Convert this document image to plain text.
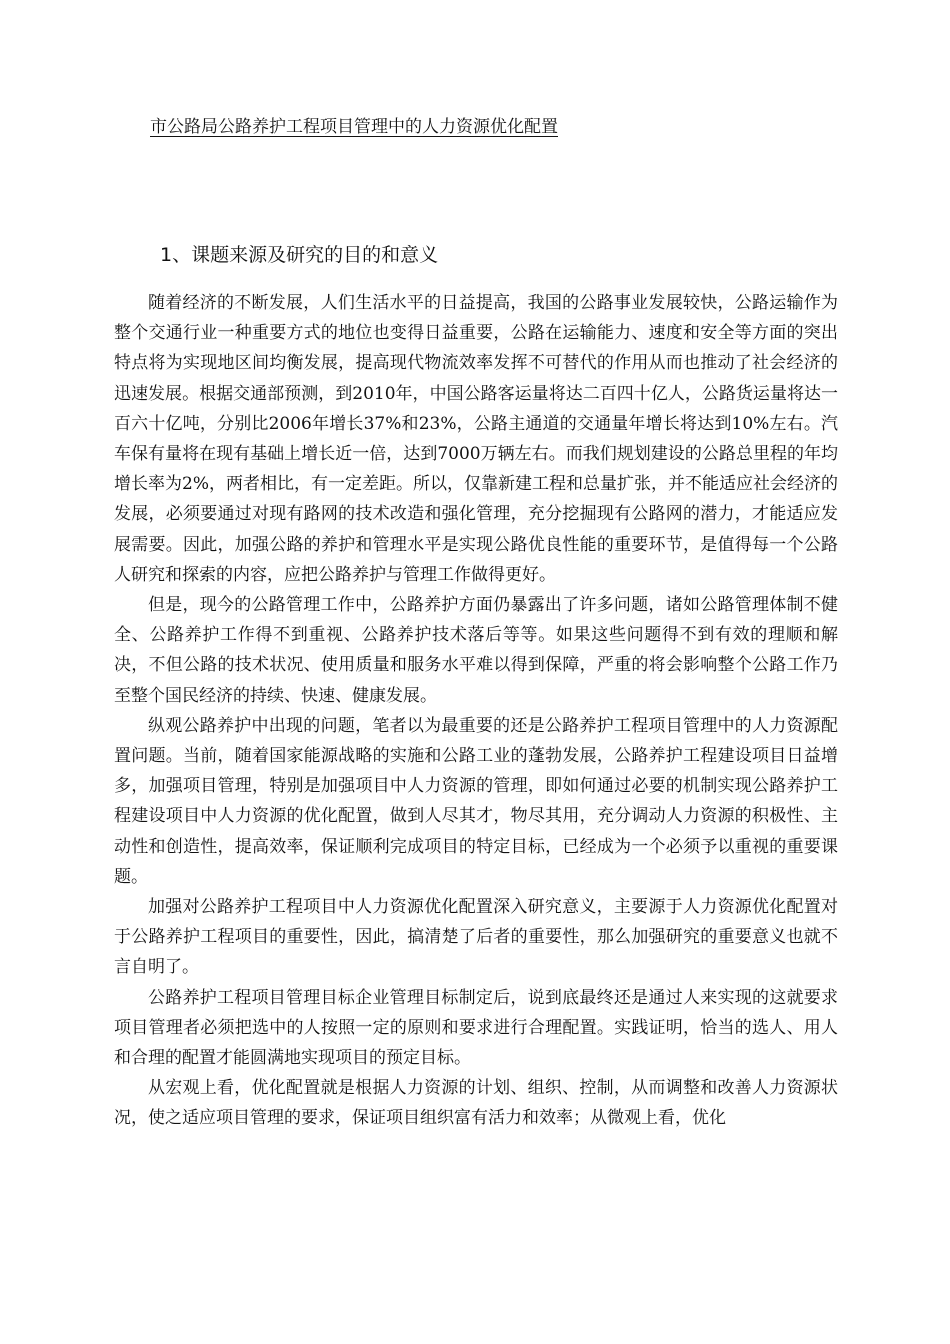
市公路局公路养护工程项目管理中的人力资源优化配置
1、课题来源及研究的目的和意义

随着经济的不断发展，人们生活水平的日益提高，我国的公路事业发展较快，公路运输作为整个交通行业一种重要方式的地位也变得日益重要，公路在运输能力、速度和安全等方面的突出特点将为实现地区间均衡发展，提高现代物流效率发挥不可替代的作用从而也推动了社会经济的迅速发展。根据交通部预测，到2010年，中国公路客运量将达二百四十亿人，公路货运量将达一百六十亿吨，分别比2006年增长37%和23%，公路主通道的交通量年增长将达到10%左右。汽车保有量将在现有基础上增长近一倍，达到7000万辆左右。而我们规划建设的公路总里程的年均增长率为2%，两者相比，有一定差距。所以，仅靠新建工程和总量扩张，并不能适应社会经济的发展，必须要通过对现有路网的技术改造和强化管理，充分挖掘现有公路网的潜力，才能适应发展需要。因此，加强公路的养护和管理水平是实现公路优良性能的重要环节，是值得每一个公路人研究和探索的内容，应把公路养护与管理工作做得更好。

但是，现今的公路管理工作中，公路养护方面仍暴露出了许多问题，诸如公路管理体制不健全、公路养护工作得不到重视、公路养护技术落后等等。如果这些问题得不到有效的理顺和解决，不但公路的技术状况、使用质量和服务水平难以得到保障，严重的将会影响整个公路工作乃至整个国民经济的持续、快速、健康发展。

纵观公路养护中出现的问题，笔者以为最重要的还是公路养护工程项目管理中的人力资源配置问题。当前，随着国家能源战略的实施和公路工业的蓬勃发展，公路养护工程建设项目日益增多，加强项目管理，特别是加强项目中人力资源的管理，即如何通过必要的机制实现公路养护工程建设项目中人力资源的优化配置，做到人尽其才，物尽其用，充分调动人力资源的积极性、主动性和创造性，提高效率，保证顺利完成项目的特定目标，已经成为一个必须予以重视的重要课题。

加强对公路养护工程项目中人力资源优化配置深入研究意义，主要源于人力资源优化配置对于公路养护工程项目的重要性，因此，搞清楚了后者的重要性，那么加强研究的重要意义也就不言自明了。

公路养护工程项目管理目标企业管理目标制定后，说到底最终还是通过人来实现的这就要求项目管理者必须把选中的人按照一定的原则和要求进行合理配置。实践证明，恰当的选人、用人和合理的配置才能圆满地实现项目的预定目标。

从宏观上看，优化配置就是根据人力资源的计划、组织、控制，从而调整和改善人力资源状况，使之适应项目管理的要求，保证项目组织富有活力和效率；从微观上看，优化
